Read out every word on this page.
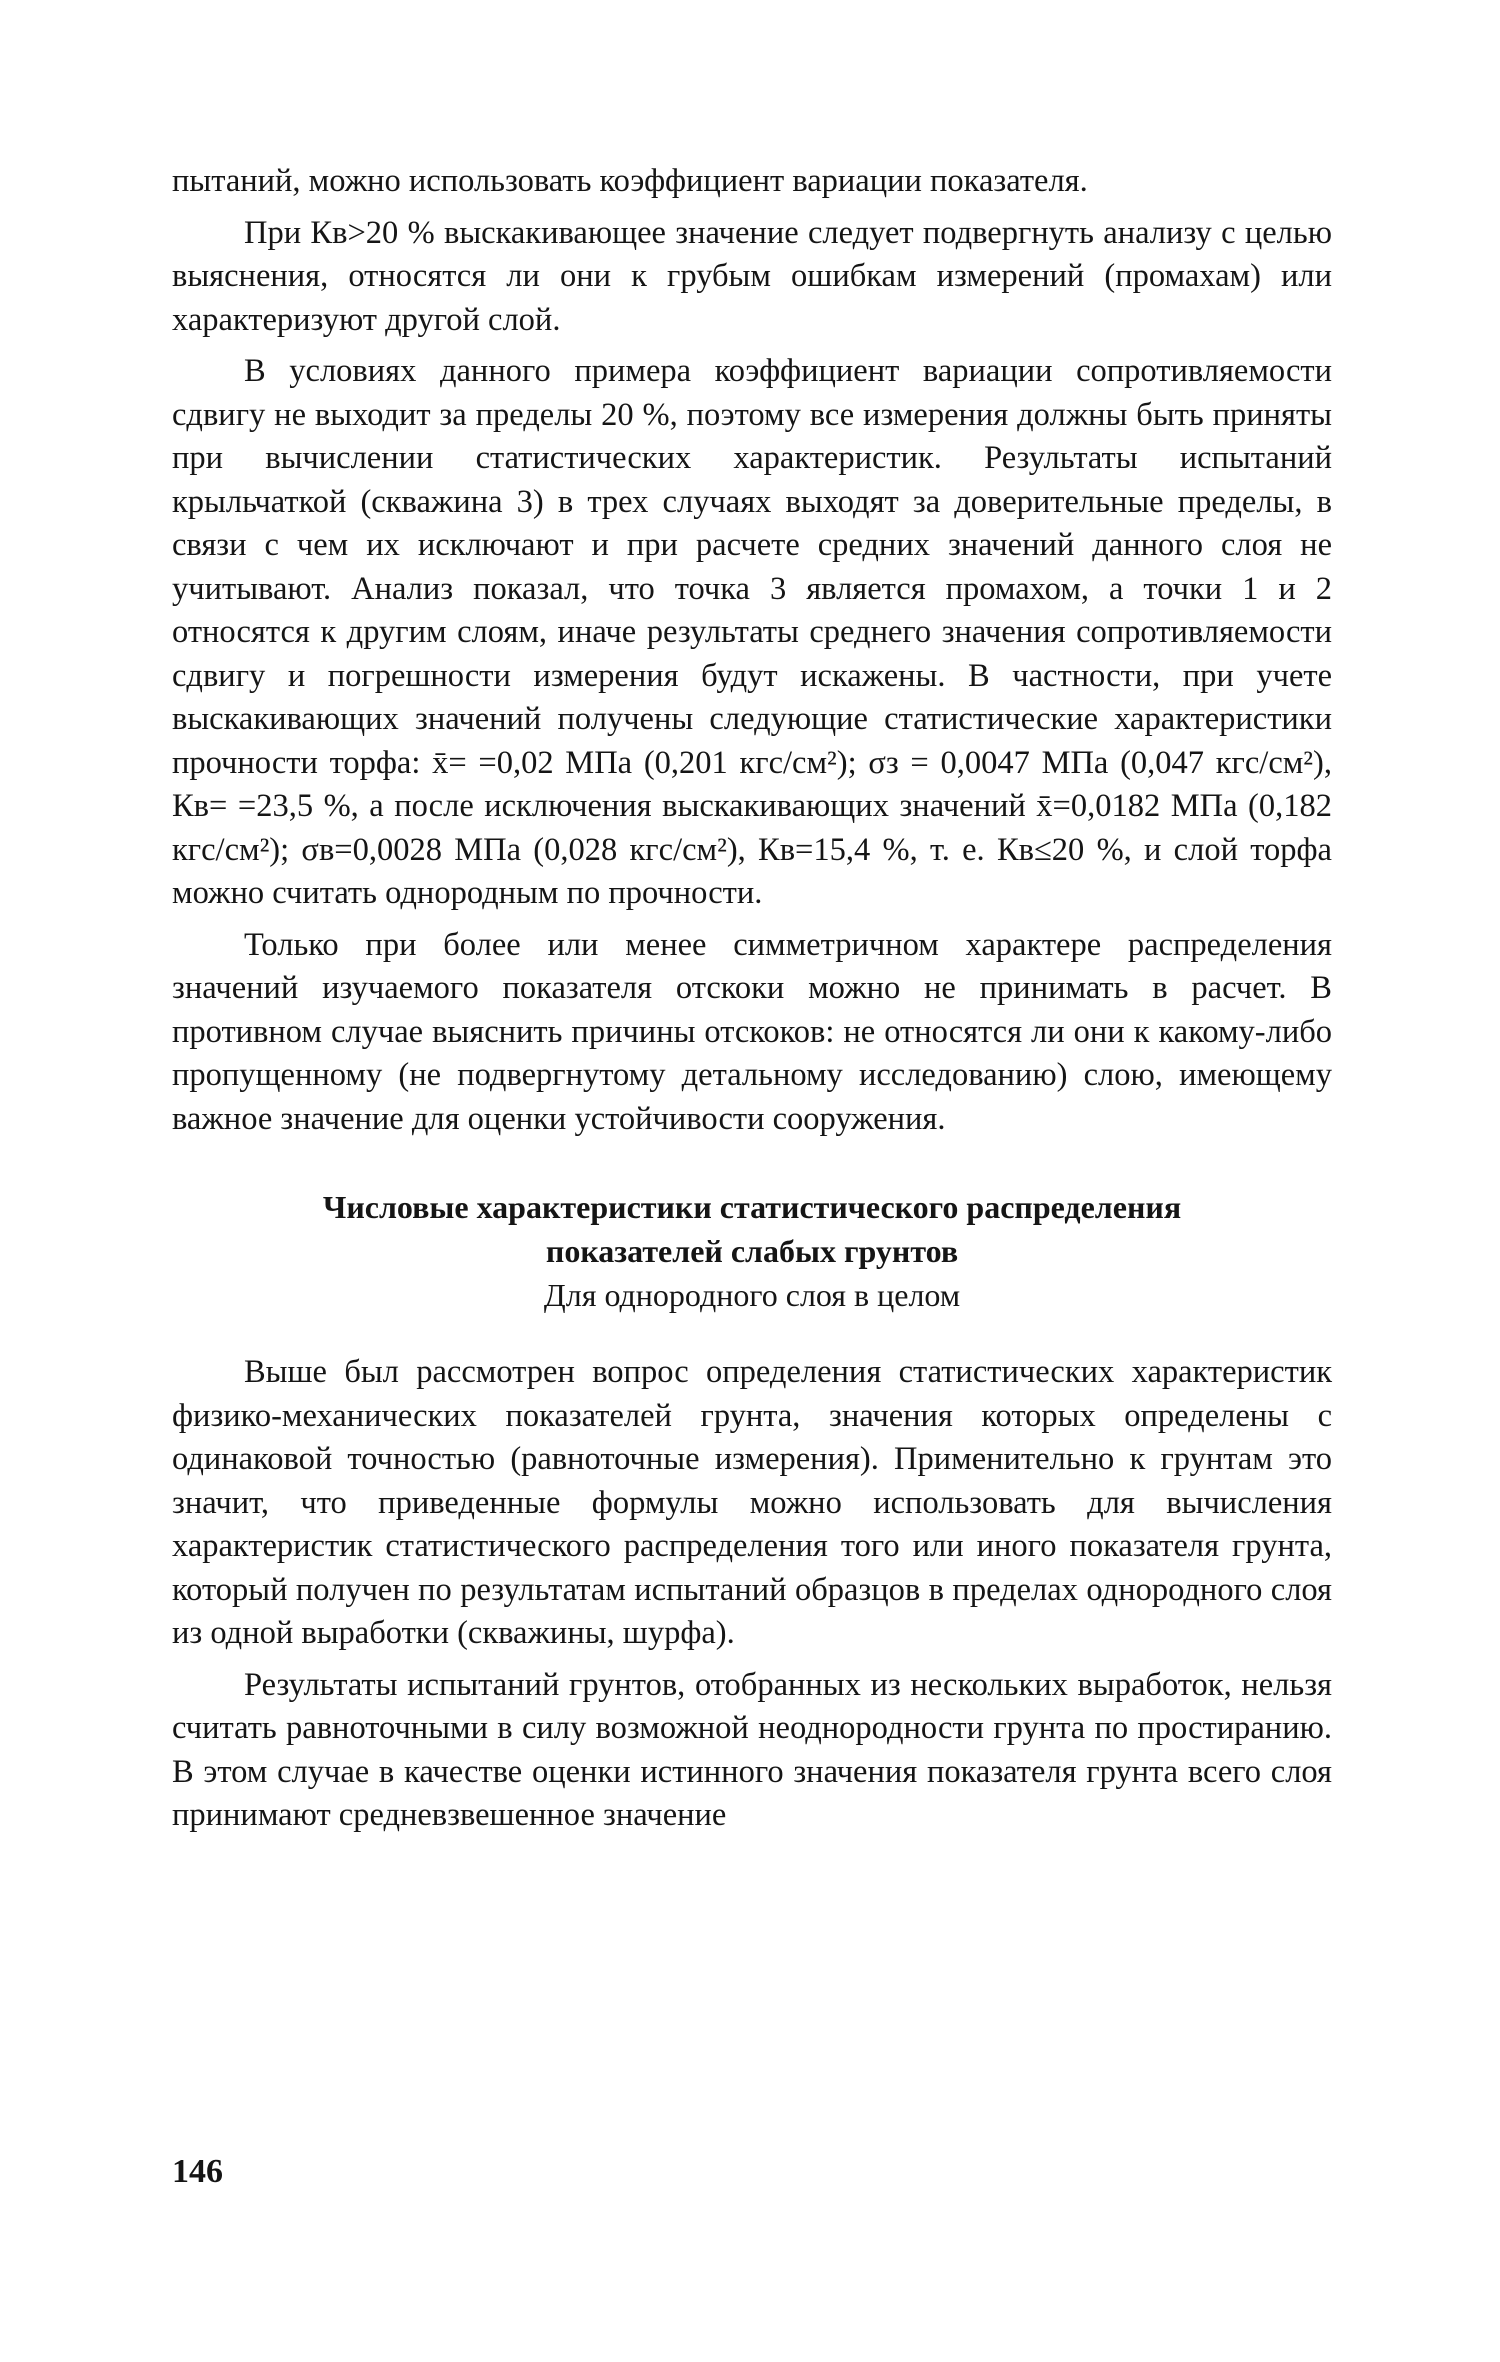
пытаний, можно использовать коэффициент вариации показателя.

При Кв>20 % выскакивающее значение следует подвергнуть анализу с целью выяснения, относятся ли они к грубым ошибкам измерений (промахам) или характеризуют другой слой.

В условиях данного примера коэффициент вариации сопротивляемости сдвигу не выходит за пределы 20 %, поэтому все измерения должны быть приняты при вычислении статистических характеристик. Результаты испытаний крыльчаткой (скважина 3) в трех случаях выходят за доверительные пределы, в связи с чем их исключают и при расчете средних значений данного слоя не учитывают. Анализ показал, что точка 3 является промахом, а точки 1 и 2 относятся к другим слоям, иначе результаты среднего значения сопротивляемости сдвигу и погрешности измерения будут искажены. В частности, при учете выскакивающих значений получены следующие статистические характеристики прочности торфа: x̄= =0,02 МПа (0,201 кгс/см²); σз = 0,0047 МПа (0,047 кгс/см²), Кв= =23,5 %, а после исключения выскакивающих значений x̄=0,0182 МПа (0,182 кгс/см²); σв=0,0028 МПа (0,028 кгс/см²), Кв=15,4 %, т. е. Кв≤20 %, и слой торфа можно считать однородным по прочности.

Только при более или менее симметричном характере распределения значений изучаемого показателя отскоки можно не принимать в расчет. В противном случае выяснить причины отскоков: не относятся ли они к какому-либо пропущенному (не подвергнутому детальному исследованию) слою, имеющему важное значение для оценки устойчивости сооружения.

Числовые характеристики статистического распределения

показателей слабых грунтов

Для однородного слоя в целом

Выше был рассмотрен вопрос определения статистических характеристик физико-механических показателей грунта, значения которых определены с одинаковой точностью (равноточные измерения). Применительно к грунтам это значит, что приведенные формулы можно использовать для вычисления характеристик статистического распределения того или иного показателя грунта, который получен по результатам испытаний образцов в пределах однородного слоя из одной выработки (скважины, шурфа).

Результаты испытаний грунтов, отобранных из нескольких выработок, нельзя считать равноточными в силу возможной неоднородности грунта по простиранию. В этом случае в качестве оценки истинного значения показателя грунта всего слоя принимают средневзвешенное значение

146
